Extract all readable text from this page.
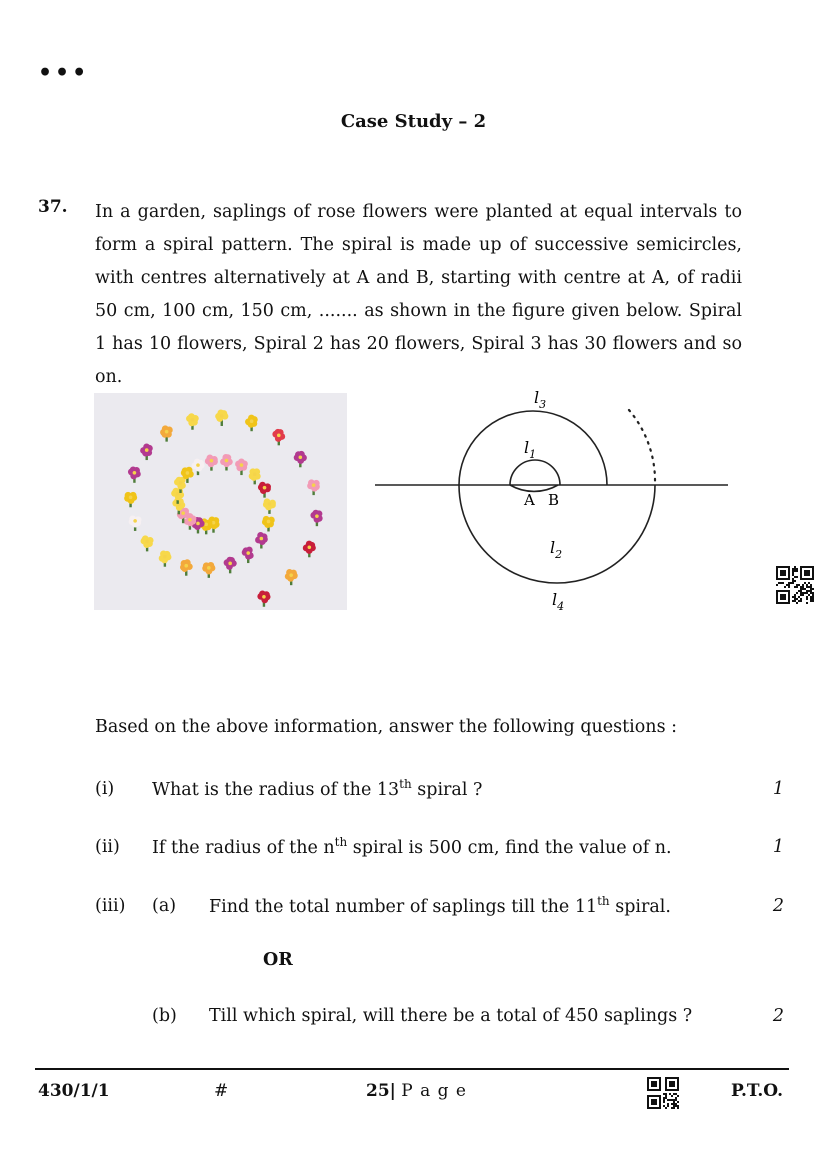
•••
Case Study – 2
37. In a garden, saplings of rose flowers were planted at equal intervals to form a spiral pattern. The spiral is made up of successive semicircles, with centres alternatively at A and B, starting with centre at A, of radii 50 cm, 100 cm, 150 cm, ....... as shown in the figure given below. Spiral 1 has 10 flowers, Spiral 2 has 20 flowers, Spiral 3 has 30 flowers and so on.
A B
$l_1$
$l_2$
$l_3$
$l_4$
Based on the above information, answer the following questions :
(i) What is the radius of the 13th spiral ?	1
(ii) If the radius of the $n^{th}$ spiral is 500 cm, find the value of n.	1
(iii) (a) Find the total number of saplings till the 11th spiral.	2
OR
(b) Till which spiral, will there be a total of 450 saplings ?	2
430/1/1	#	25| P a g e	P.T.O.
